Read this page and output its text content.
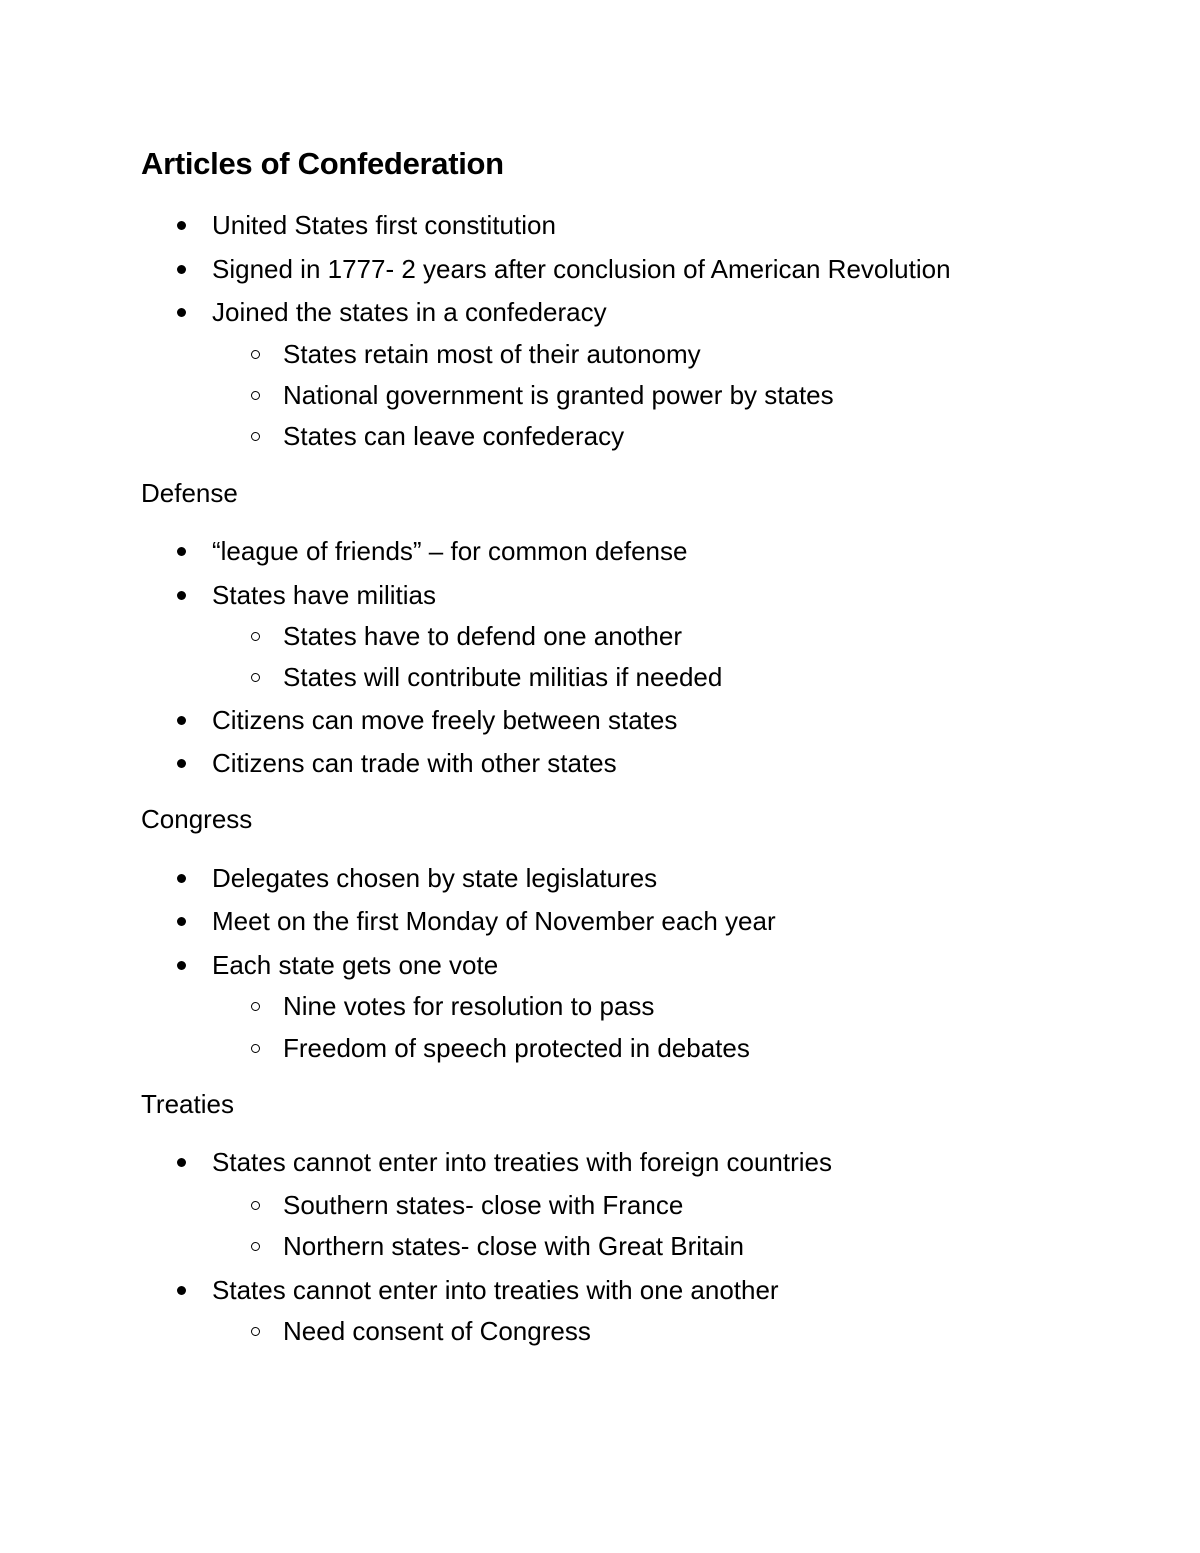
Articles of Confederation
United States first constitution
Signed in 1777- 2 years after conclusion of American Revolution
Joined the states in a confederacy
States retain most of their autonomy
National government is granted power by states
States can leave confederacy
Defense
“league of friends” – for common defense
States have militias
States have to defend one another
States will contribute militias if needed
Citizens can move freely between states
Citizens can trade with other states
Congress
Delegates chosen by state legislatures
Meet on the first Monday of November each year
Each state gets one vote
Nine votes for resolution to pass
Freedom of speech protected in debates
Treaties
States cannot enter into treaties with foreign countries
Southern states- close with France
Northern states- close with Great Britain
States cannot enter into treaties with one another
Need consent of Congress
